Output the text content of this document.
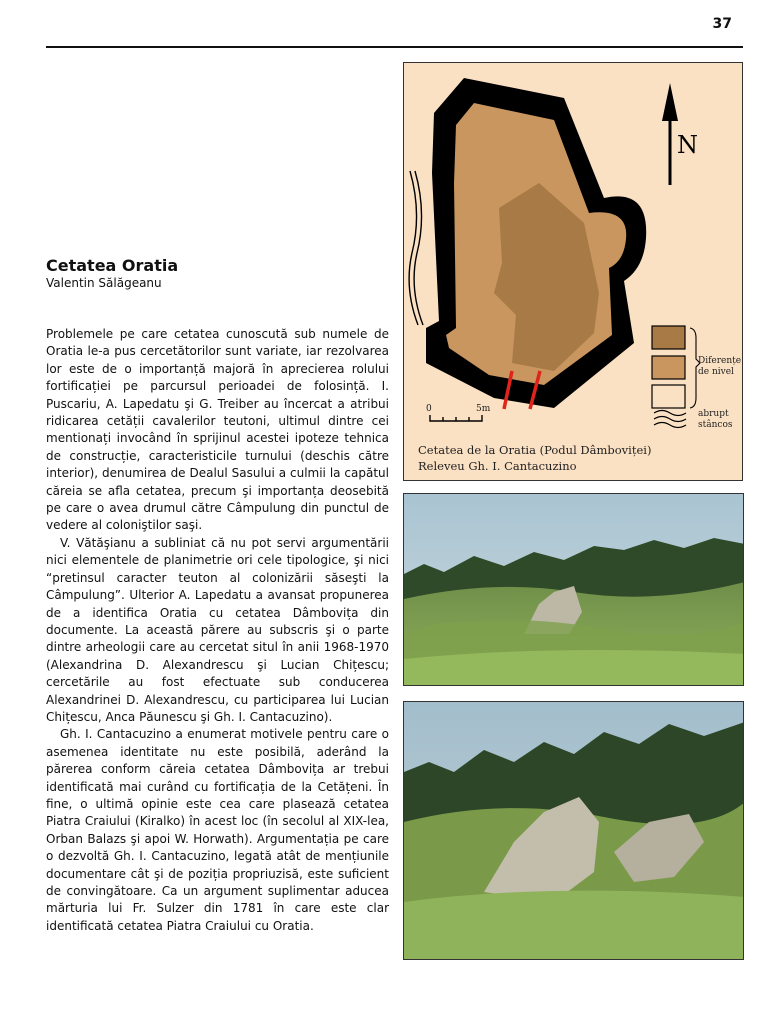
37
Cetatea Oratia
Valentin Sălăgeanu

Problemele pe care cetatea cunoscută sub numele de Oratia le-a pus cercetătorilor sunt variate, iar rezolvarea lor este de o importanță majoră în aprecierea rolului fortificației pe parcursul perioadei de folosință. I. Puscariu, A. Lapedatu şi G. Treiber au încercat a atribui ridicarea cetății cavalerilor teutoni, ultimul dintre cei mentionați invocând în sprijinul acestei ipoteze tehnica de construcție, caracteristicile turnului (deschis către interior), denumirea de Dealul Sasului a culmii la capătul căreia se afla cetatea, precum şi importanța deosebită pe care o avea drumul către Câmpulung din punctul de vedere al coloniştilor saşi.

V. Vătăşianu a subliniat că nu pot servi argumentării nici elementele de planimetrie ori cele tipologice, şi nici “pretinsul caracter teuton al colonizării săseşti la Câmpulung”. Ulterior A. Lapedatu a avansat propunerea de a identifica Oratia cu cetatea Dâmbovița din documente. La această părere au subscris şi o parte dintre arheologii care au cercetat situl în anii 1968-1970 (Alexandrina D. Alexandrescu şi Lucian Chițescu; cercetările au fost efectuate sub conducerea Alexandrinei D. Alexandrescu, cu participarea lui Lucian Chițescu, Anca Păunescu şi Gh. I. Cantacuzino).

Gh. I. Cantacuzino a enumerat motivele pentru care o asemenea identitate nu este posibilă, aderând la părerea conform căreia cetatea Dâmbovița ar trebui identificată mai curând cu fortificația de la Cetățeni. În fine, o ultimă opinie este cea care plasează cetatea Piatra Craiului (Kiralko) în acest loc (în secolul al XIX-lea, Orban Balazs şi apoi W. Horwath). Argumentația pe care o dezvoltă Gh. I. Cantacuzino, legată atât de mențiunile documentare cât şi de poziția propriuzisă, este suficient de convingătoare. Ca un argument suplimentar aducea mărturia lui Fr. Sulzer din 1781 în care este clar identificată cetatea Piatra Craiului cu Oratia.

N
0	5m
Diferențe de nivel
abrupt stâncos
Cetatea de la Oratia (Podul Dâmboviței)
Releveu Gh. I. Cantacuzino
